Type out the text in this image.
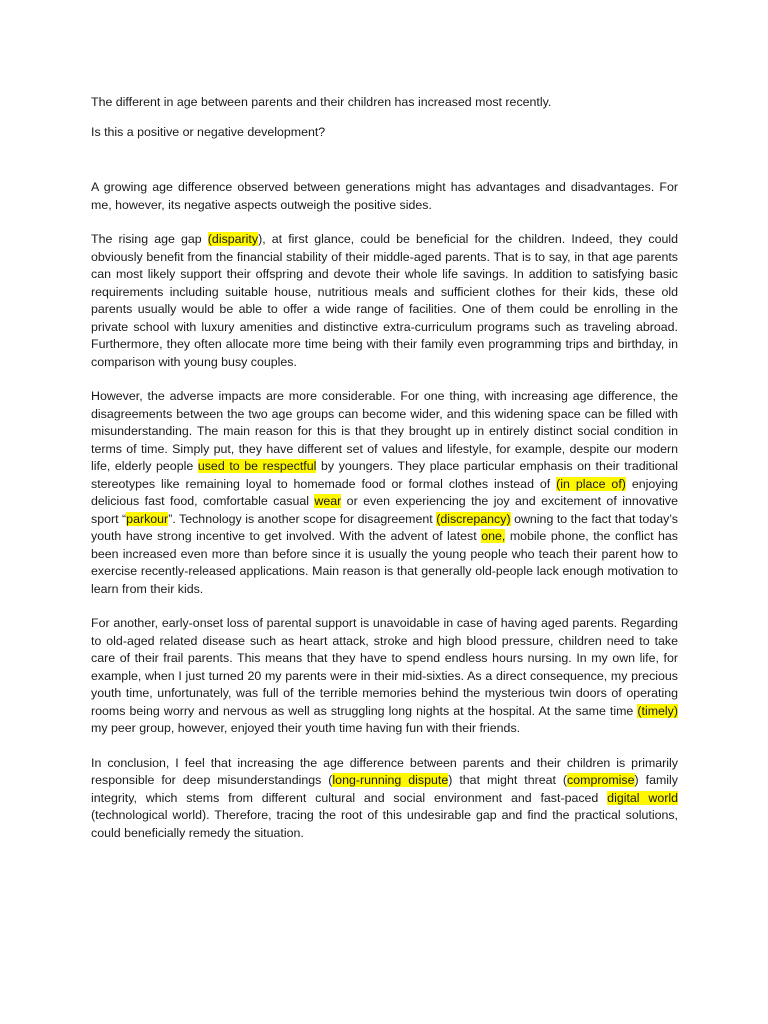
The different in age between parents and their children has increased most recently.

Is this a positive or negative development?

A growing age difference observed between generations might has advantages and disadvantages. For me, however, its negative aspects outweigh the positive sides.

The rising age gap (disparity), at first glance, could be beneficial for the children. Indeed, they could obviously benefit from the financial stability of their middle-aged parents. That is to say, in that age parents can most likely support their offspring and devote their whole life savings. In addition to satisfying basic requirements including suitable house, nutritious meals and sufficient clothes for their kids, these old parents usually would be able to offer a wide range of facilities. One of them could be enrolling in the private school with luxury amenities and distinctive extra-curriculum programs such as traveling abroad. Furthermore, they often allocate more time being with their family even programming trips and birthday, in comparison with young busy couples.

However, the adverse impacts are more considerable. For one thing, with increasing age difference, the disagreements between the two age groups can become wider, and this widening space can be filled with misunderstanding. The main reason for this is that they brought up in entirely distinct social condition in terms of time. Simply put, they have different set of values and lifestyle, for example, despite our modern life, elderly people used to be respectful by youngers. They place particular emphasis on their traditional stereotypes like remaining loyal to homemade food or formal clothes instead of (in place of) enjoying delicious fast food, comfortable casual wear or even experiencing the joy and excitement of innovative sport “parkour”. Technology is another scope for disagreement (discrepancy) owning to the fact that today’s youth have strong incentive to get involved. With the advent of latest one, mobile phone, the conflict has been increased even more than before since it is usually the young people who teach their parent how to exercise recently-released applications. Main reason is that generally old-people lack enough motivation to learn from their kids.

For another, early-onset loss of parental support is unavoidable in case of having aged parents. Regarding to old-aged related disease such as heart attack, stroke and high blood pressure, children need to take care of their frail parents. This means that they have to spend endless hours nursing. In my own life, for example, when I just turned 20 my parents were in their mid-sixties. As a direct consequence, my precious youth time, unfortunately, was full of the terrible memories behind the mysterious twin doors of operating rooms being worry and nervous as well as struggling long nights at the hospital. At the same time (timely) my peer group, however, enjoyed their youth time having fun with their friends.

In conclusion, I feel that increasing the age difference between parents and their children is primarily responsible for deep misunderstandings (long-running dispute) that might threat (compromise) family integrity, which stems from different cultural and social environment and fast-paced digital world (technological world). Therefore, tracing the root of this undesirable gap and find the practical solutions, could beneficially remedy the situation.
